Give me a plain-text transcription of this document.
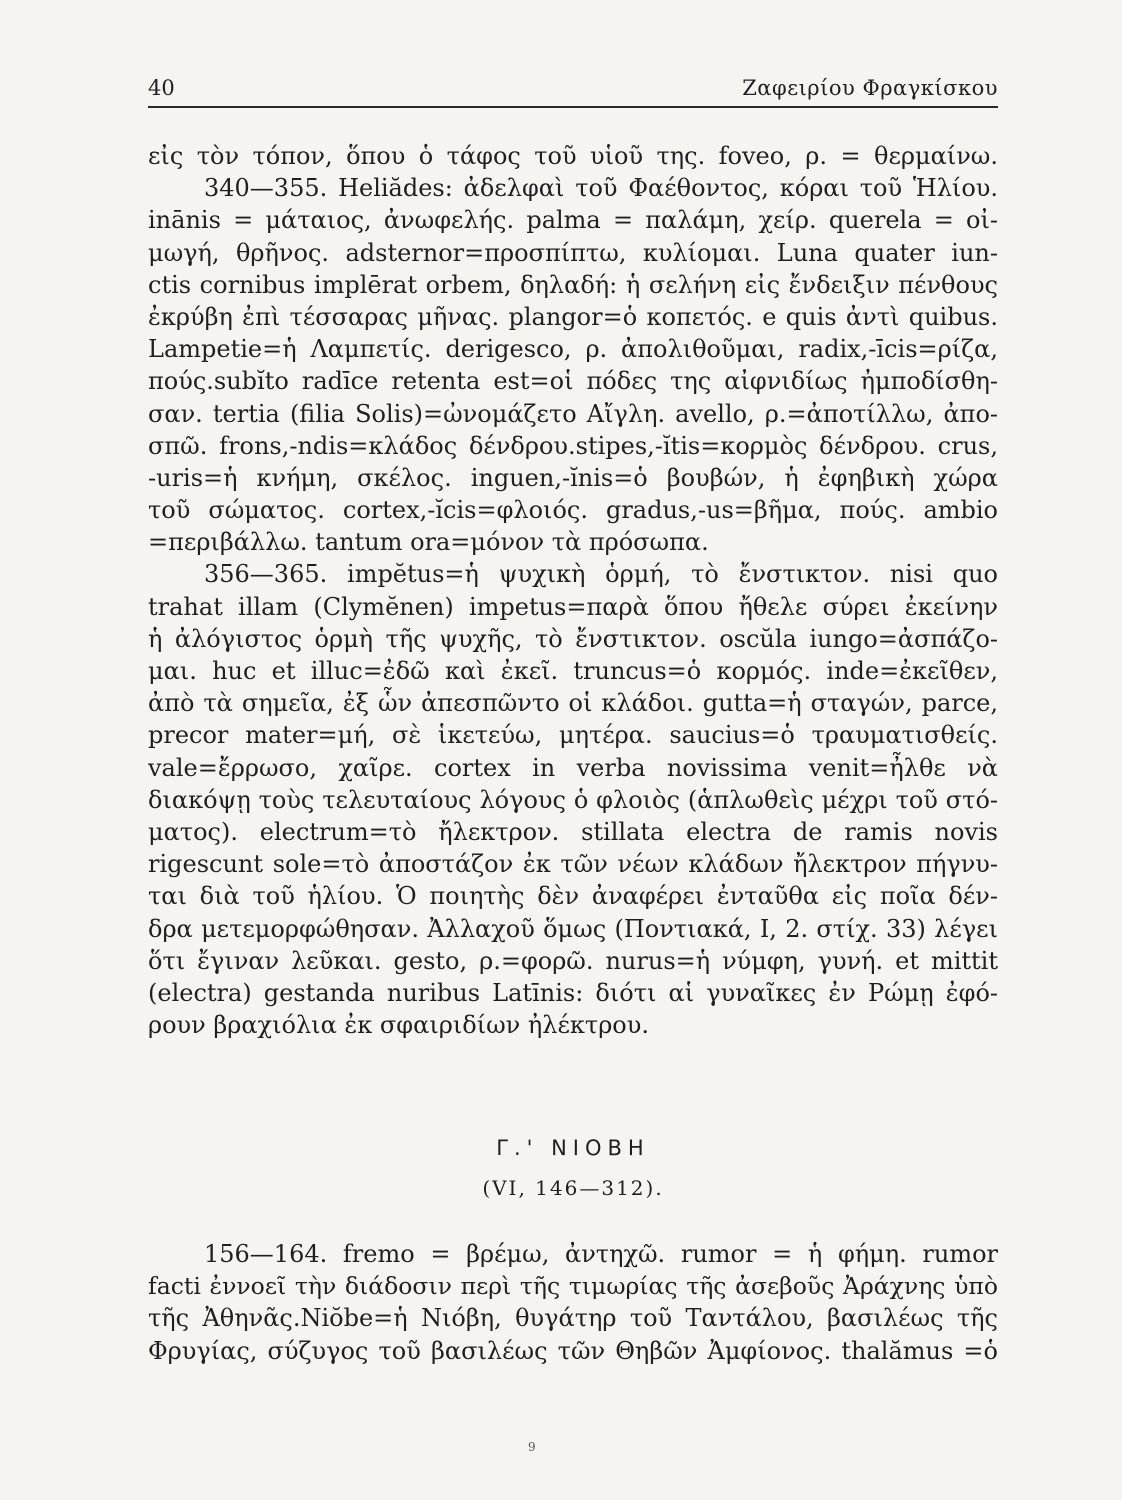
40	Ζαφειρίου Φραγκίσκου
εἰς τὸν τόπον, ὅπου ὁ τάφος τοῦ υἱοῦ της. foveo, ρ. = θερμαίνω.
340—355. Heliădes: ἀδελφαὶ τοῦ Φαέθοντος, κόραι τοῦ Ἡλίου.
inānis = μάταιος, ἀνωφελής. palma = παλάμη, χείρ. querela = οἰ-
μωγή, θρῆνος. adsternor=προσπίπτω, κυλίομαι. Luna quater iun-
ctis cornibus implērat orbem, δηλαδή: ἡ σελήνη εἰς ἔνδειξιν πένθους
ἐκρύβη ἐπὶ τέσσαρας μῆνας. plangor=ὁ κοπετός. e quis ἀντὶ quibus.
Lampetie=ἡ Λαμπετίς. derigesco, ρ. ἀπολιθοῦμαι, radix,-īcis=ρίζα,
πούς.subĭto radīce retenta est=οἱ πόδες της αἰφνιδίως ἠμποδίσθη-
σαν. tertia (filia Solis)=ὠνομάζετο Αἴγλη. avello, ρ.=ἀποτίλλω, ἀπο-
σπῶ. frons,-ndis=κλάδος δένδρου.stipes,-ĭtis=κορμὸς δένδρου. crus,
-uris=ἡ κνήμη, σκέλος. inguen,-ĭnis=ὁ βουβών, ἡ ἐφηβικὴ χώρα
τοῦ σώματος. cortex,-ĭcis=φλοιός. gradus,-us=βῆμα, πούς. ambio
=περιβάλλω. tantum ora=μόνον τὰ πρόσωπα.
356—365. impĕtus=ἡ ψυχικὴ ὁρμή, τὸ ἔνστικτον. nisi quo
trahat illam (Clymĕnen) impetus=παρὰ ὅπου ἤθελε σύρει ἐκείνην
ἡ ἀλόγιστος ὁρμὴ τῆς ψυχῆς, τὸ ἔνστικτον. oscŭla iungo=ἀσπάζο-
μαι. huc et illuc=ἐδῶ καὶ ἐκεῖ. truncus=ὁ κορμός. inde=ἐκεῖθεν,
ἀπὸ τὰ σημεῖα, ἐξ ὧν ἀπεσπῶντο οἱ κλάδοι. gutta=ἡ σταγών, parce,
precor mater=μή, σὲ ἱκετεύω, μητέρα. saucius=ὁ τραυματισθείς.
vale=ἔρρωσο, χαῖρε. cortex in verba novissima venit=ἦλθε νὰ
διακόψῃ τοὺς τελευταίους λόγους ὁ φλοιὸς (ἁπλωθεὶς μέχρι τοῦ στό-
ματος). electrum=τὸ ἤλεκτρον. stillata electra de ramis novis
rigescunt sole=τὸ ἀποστάζον ἐκ τῶν νέων κλάδων ἤλεκτρον πήγνυ-
ται διὰ τοῦ ἡλίου. Ὁ ποιητὴς δὲν ἀναφέρει ἐνταῦθα εἰς ποῖα δέν-
δρα μετεμορφώθησαν. Ἀλλαχοῦ ὅμως (Ποντιακά, I, 2. στίχ. 33) λέγει
ὅτι ἔγιναν λεῦκαι. gesto, ρ.=φορῶ. nurus=ἡ νύμφη, γυνή. et mittit
(electra) gestanda nuribus Latīnis: διότι αἱ γυναῖκες ἐν Ρώμῃ ἐφό-
ρουν βραχιόλια ἐκ σφαιριδίων ἠλέκτρου.
Γ.' ΝΙΟΒΗ
(VI, 146—312).
156—164. fremo = βρέμω, ἀντηχῶ. rumor = ἡ φήμη. rumor
facti ἐννοεῖ τὴν διάδοσιν περὶ τῆς τιμωρίας τῆς ἀσεβοῦς Ἀράχνης ὑπὸ
τῆς Ἀθηνᾶς.Niŏbe=ἡ Νιόβη, θυγάτηρ τοῦ Ταντάλου, βασιλέως τῆς
Φρυγίας, σύζυγος τοῦ βασιλέως τῶν Θηβῶν Ἀμφίονος. thalămus =ὁ
9
